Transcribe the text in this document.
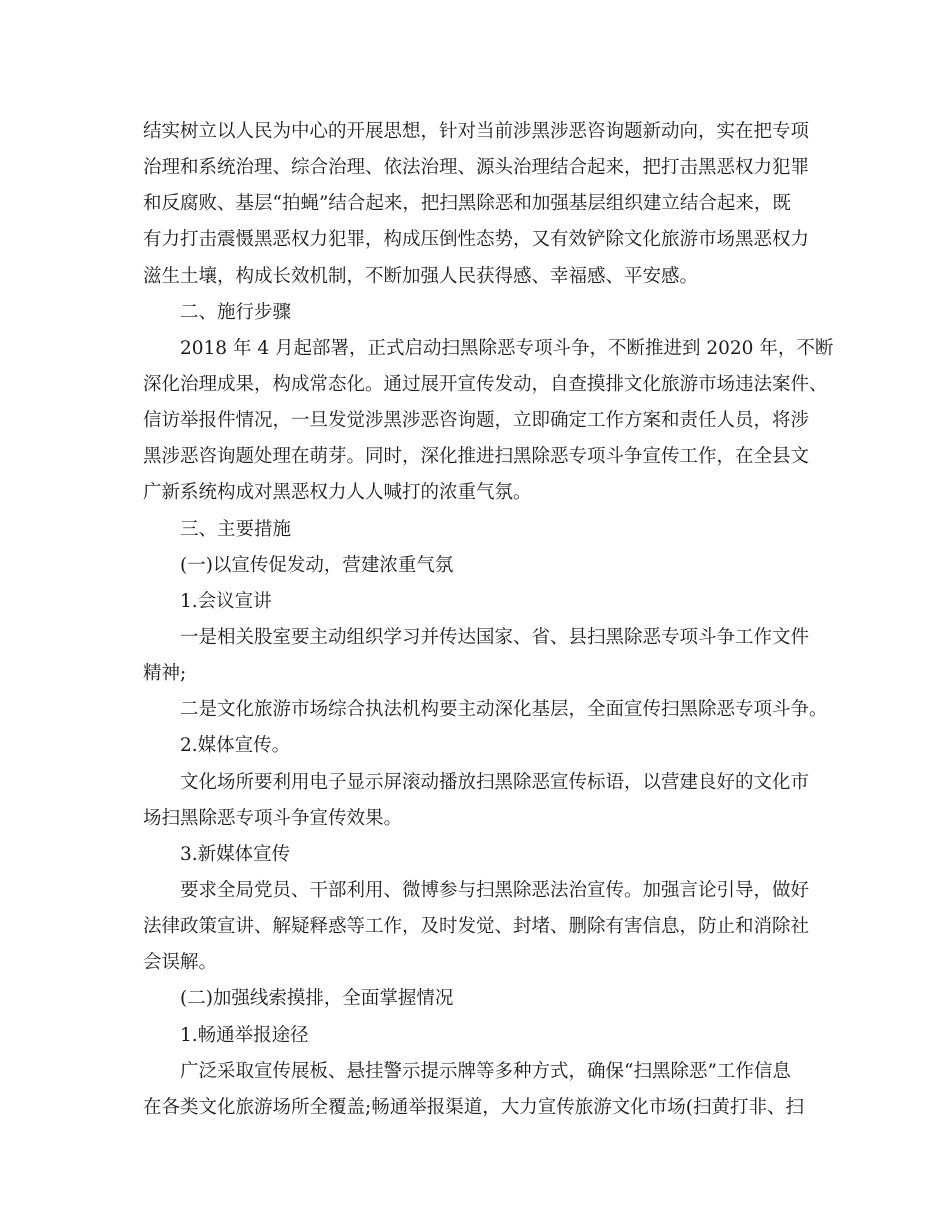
结实树立以人民为中心的开展思想，针对当前涉黑涉恶咨询题新动向，实在把专项
治理和系统治理、综合治理、依法治理、源头治理结合起来，把打击黑恶权力犯罪
和反腐败、基层“拍蝇”结合起来，把扫黑除恶和加强基层组织建立结合起来，既
有力打击震慑黑恶权力犯罪，构成压倒性态势，又有效铲除文化旅游市场黑恶权力
滋生土壤，构成长效机制，不断加强人民获得感、幸福感、平安感。
二、施行步骤
2018 年 4 月起部署，正式启动扫黑除恶专项斗争，不断推进到 2020 年，不断
深化治理成果，构成常态化。通过展开宣传发动，自查摸排文化旅游市场违法案件、
信访举报件情况，一旦发觉涉黑涉恶咨询题，立即确定工作方案和责任人员，将涉
黑涉恶咨询题处理在萌芽。同时，深化推进扫黑除恶专项斗争宣传工作，在全县文
广新系统构成对黑恶权力人人喊打的浓重气氛。
三、主要措施
(一)以宣传促发动，营建浓重气氛
1.会议宣讲
一是相关股室要主动组织学习并传达国家、省、县扫黑除恶专项斗争工作文件
精神;
二是文化旅游市场综合执法机构要主动深化基层，全面宣传扫黑除恶专项斗争。
2.媒体宣传。
文化场所要利用电子显示屏滚动播放扫黑除恶宣传标语，以营建良好的文化市
场扫黑除恶专项斗争宣传效果。
3.新媒体宣传
要求全局党员、干部利用、微博参与扫黑除恶法治宣传。加强言论引导，做好
法律政策宣讲、解疑释惑等工作，及时发觉、封堵、删除有害信息，防止和消除社
会误解。
(二)加强线索摸排，全面掌握情况
1.畅通举报途径
广泛采取宣传展板、悬挂警示提示牌等多种方式，确保“扫黑除恶”工作信息
在各类文化旅游场所全覆盖;畅通举报渠道，大力宣传旅游文化市场(扫黄打非、扫
